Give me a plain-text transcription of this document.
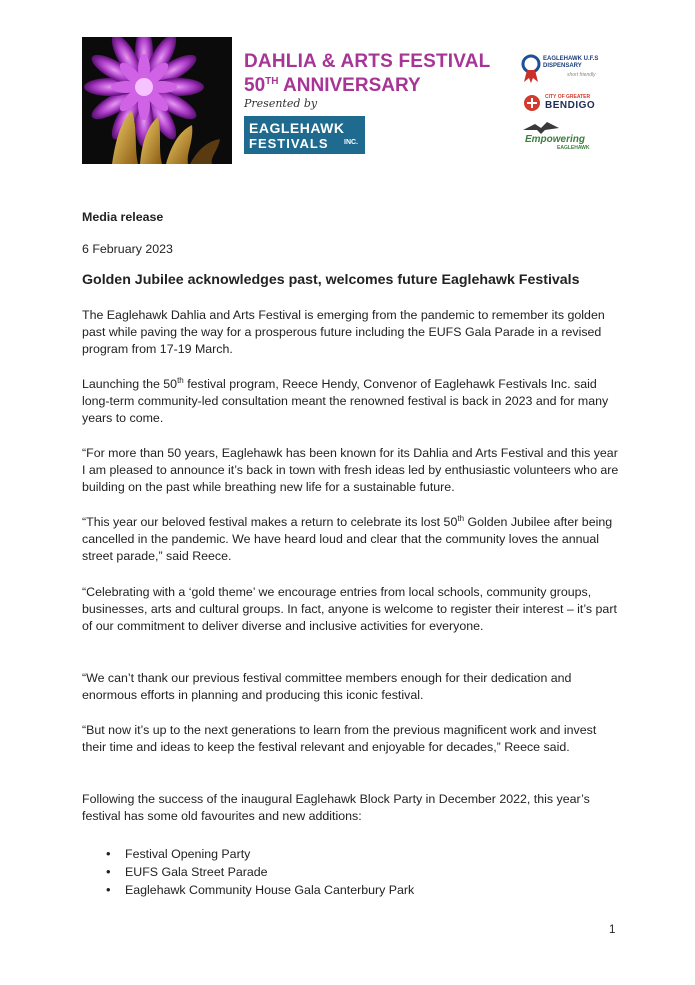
DAHLIA & ARTS FESTIVAL
50TH ANNIVERSARY
Presented by
EAGLEHAWK
FESTIVALS INC.
EAGLEHAWK U.F.S
DISPENSARY
short friendly
CITY OF GREATER
BENDIGO
Empowering
EAGLEHAWK
Media release
6 February 2023
Golden Jubilee acknowledges past, welcomes future Eaglehawk Festivals
The Eaglehawk Dahlia and Arts Festival is emerging from the pandemic to remember its golden past while paving the way for a prosperous future including the EUFS Gala Parade in a revised program from 17-19 March.
Launching the 50th festival program, Reece Hendy, Convenor of Eaglehawk Festivals Inc. said long-term community-led consultation meant the renowned festival is back in 2023 and for many years to come.
“For more than 50 years, Eaglehawk has been known for its Dahlia and Arts Festival and this year I am pleased to announce it’s back in town with fresh ideas led by enthusiastic volunteers who are building on the past while breathing new life for a sustainable future.
“This year our beloved festival makes a return to celebrate its lost 50th Golden Jubilee after being cancelled in the pandemic. We have heard loud and clear that the community loves the annual street parade,” said Reece.
“Celebrating with a ‘gold theme’ we encourage entries from local schools, community groups, businesses, arts and cultural groups. In fact, anyone is welcome to register their interest – it’s part of our commitment to deliver diverse and inclusive activities for everyone.
“We can’t thank our previous festival committee members enough for their dedication and enormous efforts in planning and producing this iconic festival.
“But now it’s up to the next generations to learn from the previous magnificent work and invest their time and ideas to keep the festival relevant and enjoyable for decades,” Reece said.
Following the success of the inaugural Eaglehawk Block Party in December 2022, this year’s festival has some old favourites and new additions:
• Festival Opening Party
• EUFS Gala Street Parade
• Eaglehawk Community House Gala Canterbury Park
1
